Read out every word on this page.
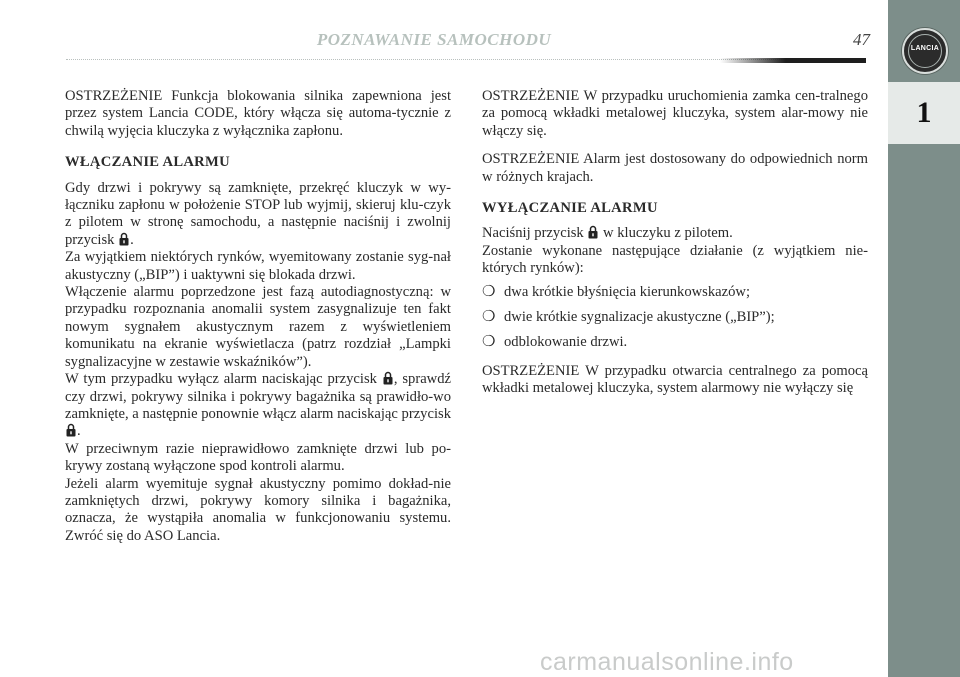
POZNAWANIE SAMOCHODU	47	LANCIA
1

OSTRZEŻENIE Funkcja blokowania silnika zapewniona jest przez system Lancia CODE, który włącza się automa-tycznie z chwilą wyjęcia kluczyka z wyłącznika zapłonu.

WŁĄCZANIE ALARMU

Gdy drzwi i pokrywy są zamknięte, przekręć kluczyk w wy-łączniku zapłonu w położenie STOP lub wyjmij, skieruj klu-czyk z pilotem w stronę samochodu, a następnie naciśnij i zwolnij przycisk .

Za wyjątkiem niektórych rynków, wyemitowany zostanie syg-nał akustyczny („BIP”) i uaktywni się blokada drzwi.

Włączenie alarmu poprzedzone jest fazą autodiagnostyczną: w przypadku rozpoznania anomalii system zasygnalizuje ten fakt nowym sygnałem akustycznym razem z wyświetleniem komunikatu na ekranie wyświetlacza (patrz rozdział „Lampki sygnalizacyjne w zestawie wskaźników”).

W tym przypadku wyłącz alarm naciskając przycisk , sprawdź czy drzwi, pokrywy silnika i pokrywy bagażnika są prawidło-wo zamknięte, a następnie ponownie włącz alarm naciskając przycisk .

W przeciwnym razie nieprawidłowo zamknięte drzwi lub po-krywy zostaną wyłączone spod kontroli alarmu.

Jeżeli alarm wyemituje sygnał akustyczny pomimo dokład-nie zamkniętych drzwi, pokrywy komory silnika i bagażnika, oznacza, że wystąpiła anomalia w funkcjonowaniu systemu. Zwróć się do ASO Lancia.

OSTRZEŻENIE W przypadku uruchomienia zamka cen-tralnego za pomocą wkładki metalowej kluczyka, system alar-mowy nie włączy się.

OSTRZEŻENIE Alarm jest dostosowany do odpowiednich norm w różnych krajach.

WYŁĄCZANIE ALARMU

Naciśnij przycisk w kluczyku z pilotem.

Zostanie wykonane następujące działanie (z wyjątkiem nie-których rynków):

❍ dwa krótkie błyśnięcia kierunkowskazów;
❍ dwie krótkie sygnalizacje akustyczne („BIP”);
❍ odblokowanie drzwi.

OSTRZEŻENIE W przypadku otwarcia centralnego za pomocą wkładki metalowej kluczyka, system alarmowy nie wyłączy się

carmanualsonline.info
